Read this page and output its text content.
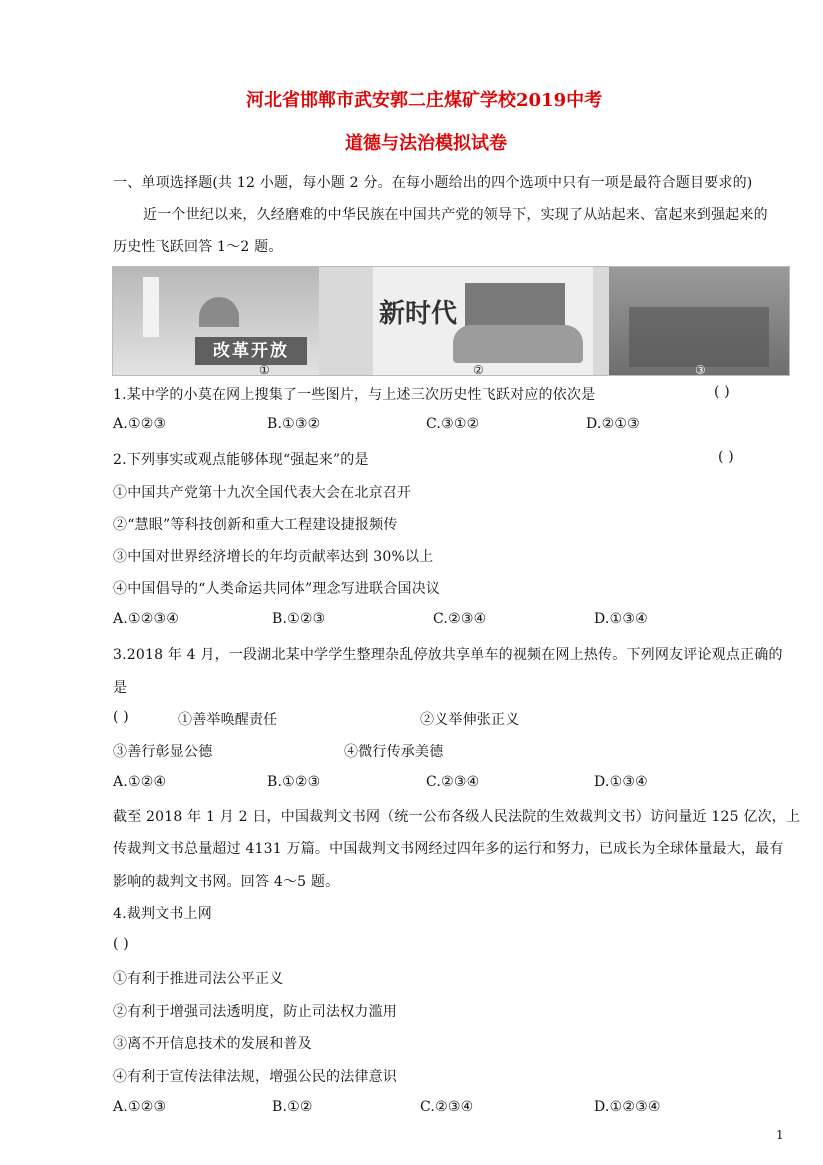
河北省邯郸市武安郭二庄煤矿学校2019中考
道德与法治模拟试卷
一、单项选择题(共 12 小题，每小题 2 分。在每小题给出的四个选项中只有一项是最符合题目要求的)
近一个世纪以来，久经磨难的中华民族在中国共产党的领导下，实现了从站起来、富起来到强起来的
历史性飞跃回答 1～2 题。
改革开放
①
新时代
②	③
1.某中学的小莫在网上搜集了一些图片，与上述三次历史性飞跃对应的依次是	( )
A.①②③	B.①③②	C.③①②	D.②①③
2.下列事实或观点能够体现“强起来”的是	( )
①中国共产党第十九次全国代表大会在北京召开
②“慧眼”等科技创新和重大工程建设捷报频传
③中国对世界经济增长的年均贡献率达到 30%以上
④中国倡导的“人类命运共同体”理念写进联合国决议
A.①②③④	B.①②③	C.②③④	D.①③④
3.2018 年 4 月，一段湖北某中学学生整理杂乱停放共享单车的视频在网上热传。下列网友评论观点正确的
是
( )	①善举唤醒责任	②义举伸张正义
③善行彰显公德	④微行传承美德
A.①②④	B.①②③	C.②③④	D.①③④
截至 2018 年 1 月 2 日，中国裁判文书网（统一公布各级人民法院的生效裁判文书）访问量近 125 亿次，上
传裁判文书总量超过 4131 万篇。中国裁判文书网经过四年多的运行和努力，已成长为全球体量最大，最有
影响的裁判文书网。回答 4～5 题。
4.裁判文书上网
( )
①有利于推进司法公平正义
②有利于增强司法透明度，防止司法权力滥用
③离不开信息技术的发展和普及
④有利于宣传法律法规，增强公民的法律意识
A.①②③	B.①②	C.②③④	D.①②③④
1
